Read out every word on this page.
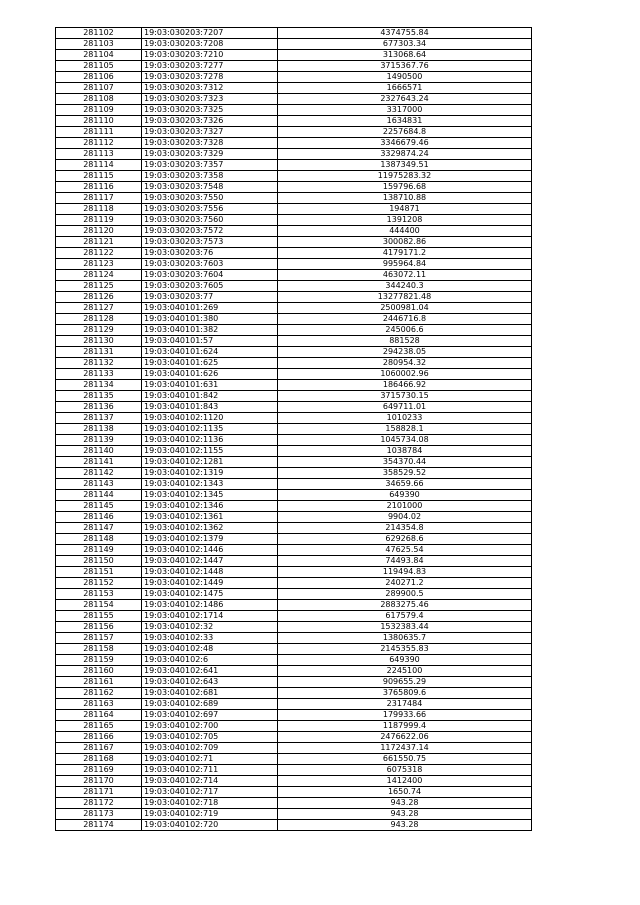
281102	19:03:030203:7207	4374755.84
281103	19:03:030203:7208	677303.34
281104	19:03:030203:7210	313068.64
281105	19:03:030203:7277	3715367.76
281106	19:03:030203:7278	1490500
281107	19:03:030203:7312	1666571
281108	19:03:030203:7323	2327643.24
281109	19:03:030203:7325	3317000
281110	19:03:030203:7326	1634831
281111	19:03:030203:7327	2257684.8
281112	19:03:030203:7328	3346679.46
281113	19:03:030203:7329	3329874.24
281114	19:03:030203:7357	1387349.51
281115	19:03:030203:7358	11975283.32
281116	19:03:030203:7548	159796.68
281117	19:03:030203:7550	138710.88
281118	19:03:030203:7556	194871
281119	19:03:030203:7560	1391208
281120	19:03:030203:7572	444400
281121	19:03:030203:7573	300082.86
281122	19:03:030203:76	4179171.2
281123	19:03:030203:7603	995964.84
281124	19:03:030203:7604	463072.11
281125	19:03:030203:7605	344240.3
281126	19:03:030203:77	13277821.48
281127	19:03:040101:269	2500981.04
281128	19:03:040101:380	2446716.8
281129	19:03:040101:382	245006.6
281130	19:03:040101:57	881528
281131	19:03:040101:624	294238.05
281132	19:03:040101:625	280954.32
281133	19:03:040101:626	1060002.96
281134	19:03:040101:631	186466.92
281135	19:03:040101:842	3715730.15
281136	19:03:040101:843	649711.01
281137	19:03:040102:1120	1010233
281138	19:03:040102:1135	158828.1
281139	19:03:040102:1136	1045734.08
281140	19:03:040102:1155	1038784
281141	19:03:040102:1281	354370.44
281142	19:03:040102:1319	358529.52
281143	19:03:040102:1343	34659.66
281144	19:03:040102:1345	649390
281145	19:03:040102:1346	2101000
281146	19:03:040102:1361	9904.02
281147	19:03:040102:1362	214354.8
281148	19:03:040102:1379	629268.6
281149	19:03:040102:1446	47625.54
281150	19:03:040102:1447	74493.84
281151	19:03:040102:1448	119494.83
281152	19:03:040102:1449	240271.2
281153	19:03:040102:1475	289900.5
281154	19:03:040102:1486	2883275.46
281155	19:03:040102:1714	617579.4
281156	19:03:040102:32	1532383.44
281157	19:03:040102:33	1380635.7
281158	19:03:040102:48	2145355.83
281159	19:03:040102:6	649390
281160	19:03:040102:641	2245100
281161	19:03:040102:643	909655.29
281162	19:03:040102:681	3765809.6
281163	19:03:040102:689	2317484
281164	19:03:040102:697	179933.66
281165	19:03:040102:700	1187999.4
281166	19:03:040102:705	2476622.06
281167	19:03:040102:709	1172437.14
281168	19:03:040102:71	661550.75
281169	19:03:040102:711	6075318
281170	19:03:040102:714	1412400
281171	19:03:040102:717	1650.74
281172	19:03:040102:718	943.28
281173	19:03:040102:719	943.28
281174	19:03:040102:720	943.28
